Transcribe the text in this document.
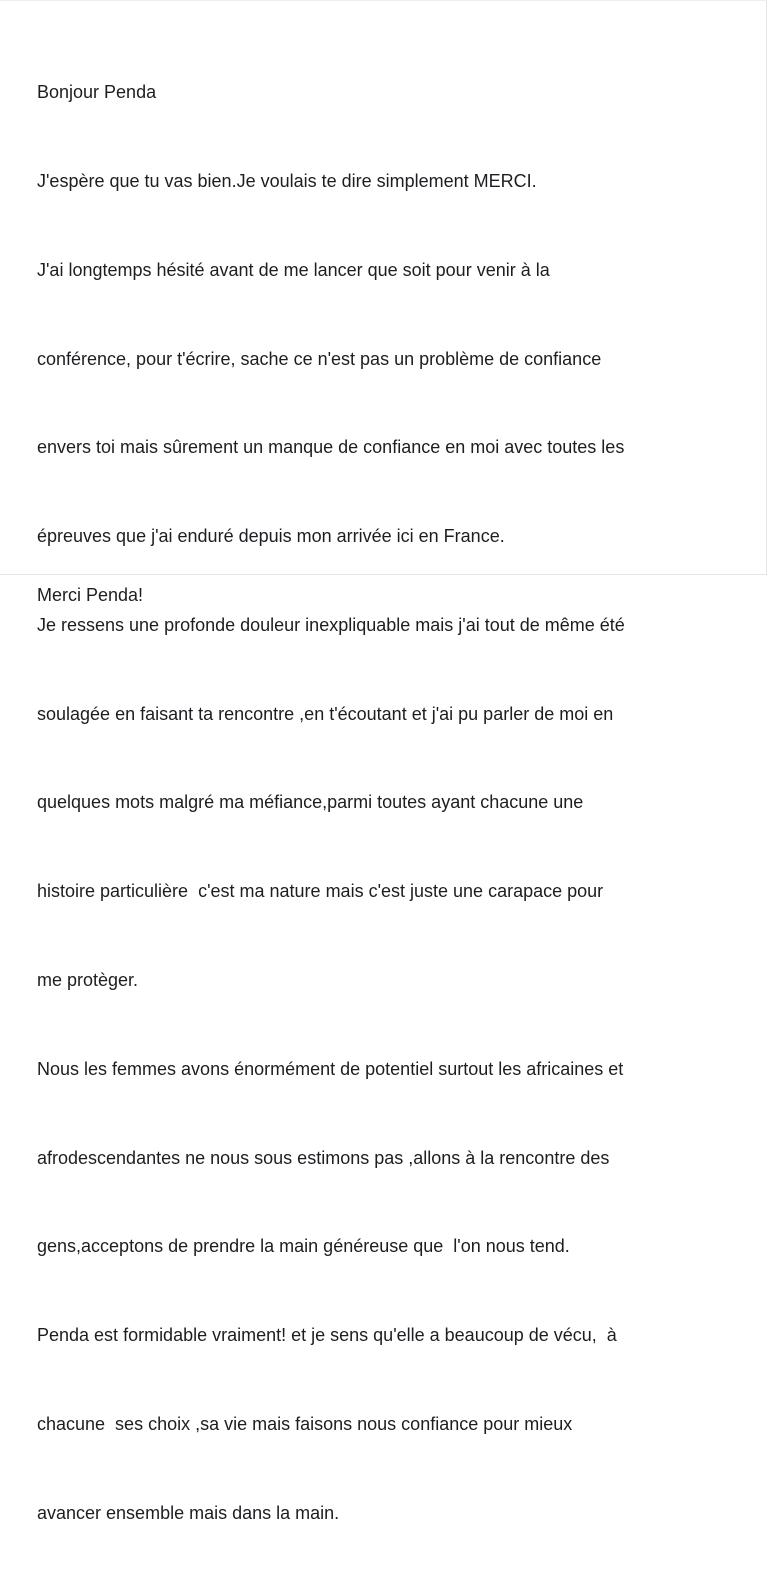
Bonjour Penda

J'espère que tu vas bien.Je voulais te dire simplement MERCI.

J'ai longtemps hésité avant de me lancer que soit pour venir à la

conférence, pour t'écrire, sache ce n'est pas un problème de confiance

envers toi mais sûrement un manque de confiance en moi avec toutes les

épreuves que j'ai enduré depuis mon arrivée ici en France.

Je ressens une profonde douleur inexpliquable mais j'ai tout de même été

soulagée en faisant ta rencontre ,en t'écoutant et j'ai pu parler de moi en

quelques mots malgré ma méfiance,parmi toutes ayant chacune une

histoire particulière  c'est ma nature mais c'est juste une carapace pour

me protèger.

Nous les femmes avons énormément de potentiel surtout les africaines et

afrodescendantes ne nous sous estimons pas ,allons à la rencontre des

gens,acceptons de prendre la main généreuse que  l'on nous tend.

Penda est formidable vraiment! et je sens qu'elle a beaucoup de vécu,  à

chacune  ses choix ,sa vie mais faisons nous confiance pour mieux

avancer ensemble mais dans la main.

Merci Penda!
